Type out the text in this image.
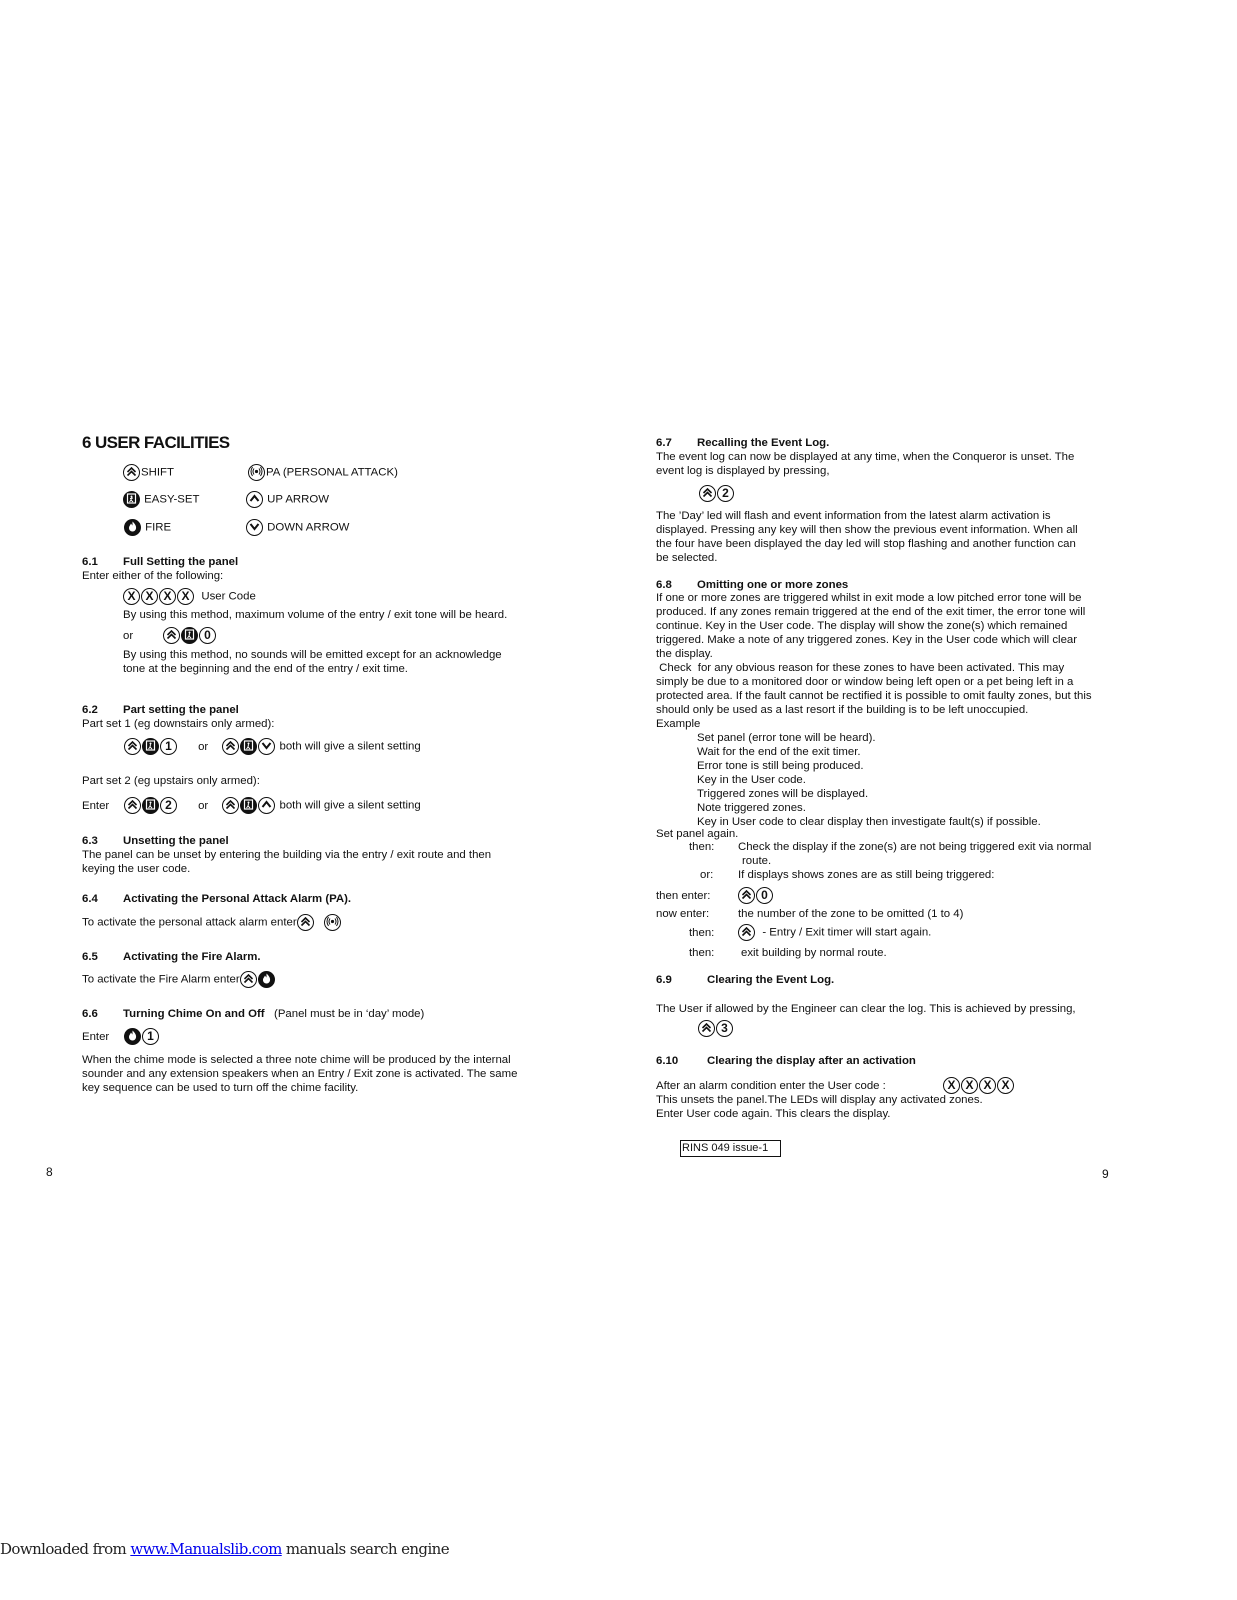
6 USER FACILITIES
SHIFT	PA (PERSONAL ATTACK)
EASY-SET	UP ARROW
FIRE	DOWN ARROW
6.1 Full Setting the panel
Enter either of the following:
X X X X User Code
By using this method, maximum volume of the entry / exit tone will be heard.
or	0
By using this method, no sounds will be emitted except for an acknowledge
tone at the beginning and the end of the entry / exit time.
6.2 Part setting the panel
Part set 1 (eg downstairs only armed):
1 or	both will give a silent setting
Part set 2 (eg upstairs only armed):
Enter	2 or	both will give a silent setting
6.3 Unsetting the panel
The panel can be unset by entering the building via the entry / exit route and then
keying the user code.
6.4 Activating the Personal Attack Alarm (PA).
To activate the personal attack alarm enter

6.5 Activating the Fire Alarm.
To activate the Fire Alarm enter
6.6 Turning Chime On and Off (Panel must be in ‘day’ mode)
Enter	1
When the chime mode is selected a three note chime will be produced by the internal
sounder and any extension speakers when an Entry / Exit zone is activated. The same
key sequence can be used to turn off the chime facility.
8
6.7 Recalling the Event Log.
The event log can now be displayed at any time, when the Conqueror is unset. The
event log is displayed by pressing,
2
The ’Day’ led will flash and event information from the latest alarm activation is
displayed. Pressing any key will then show the previous event information. When all
the four have been displayed the day led will stop flashing and another function can
be selected.
6.8 Omitting one or more zones

If one or more zones are triggered whilst in exit mode a low pitched error tone will be

produced. If any zones remain triggered at the end of the exit timer, the error tone will

continue. Key in the User code. The display will show the zone(s) which remained

triggered. Make a note of any triggered zones. Key in the User code which will clear

the display.

Check  for any obvious reason for these zones to have been activated. This may

simply be due to a monitored door or window being left open or a pet being left in a

protected area. If the fault cannot be rectified it is possible to omit faulty zones, but this

should only be used as a last resort if the building is to be left unoccupied.

Example

Set panel (error tone will be heard).

Wait for the end of the exit timer.

Error tone is still being produced.

Key in the User code.

Triggered zones will be displayed.

Note triggered zones.

Key in User code to clear display then investigate fault(s) if possible.

Set panel again.
then: Check the display if the zone(s) are not being triggered exit via normal
route.
or: If displays shows zones are as still being triggered:
then enter:	0
now enter:	the number of the zone to be omitted (1 to 4)
then:	- Entry / Exit timer will start again.
then: exit building by normal route.
6.9	Clearing the Event Log.
The User if allowed by the Engineer can clear the log. This is achieved by pressing,
3
6.10	Clearing the display after an activation
After an alarm condition enter the User code :	X X X X
This unsets the panel.The LEDs will display any activated zones.
Enter User code again. This clears the display.
RINS 049 issue-1
9
Downloaded from www.Manualslib.com manuals search engine
